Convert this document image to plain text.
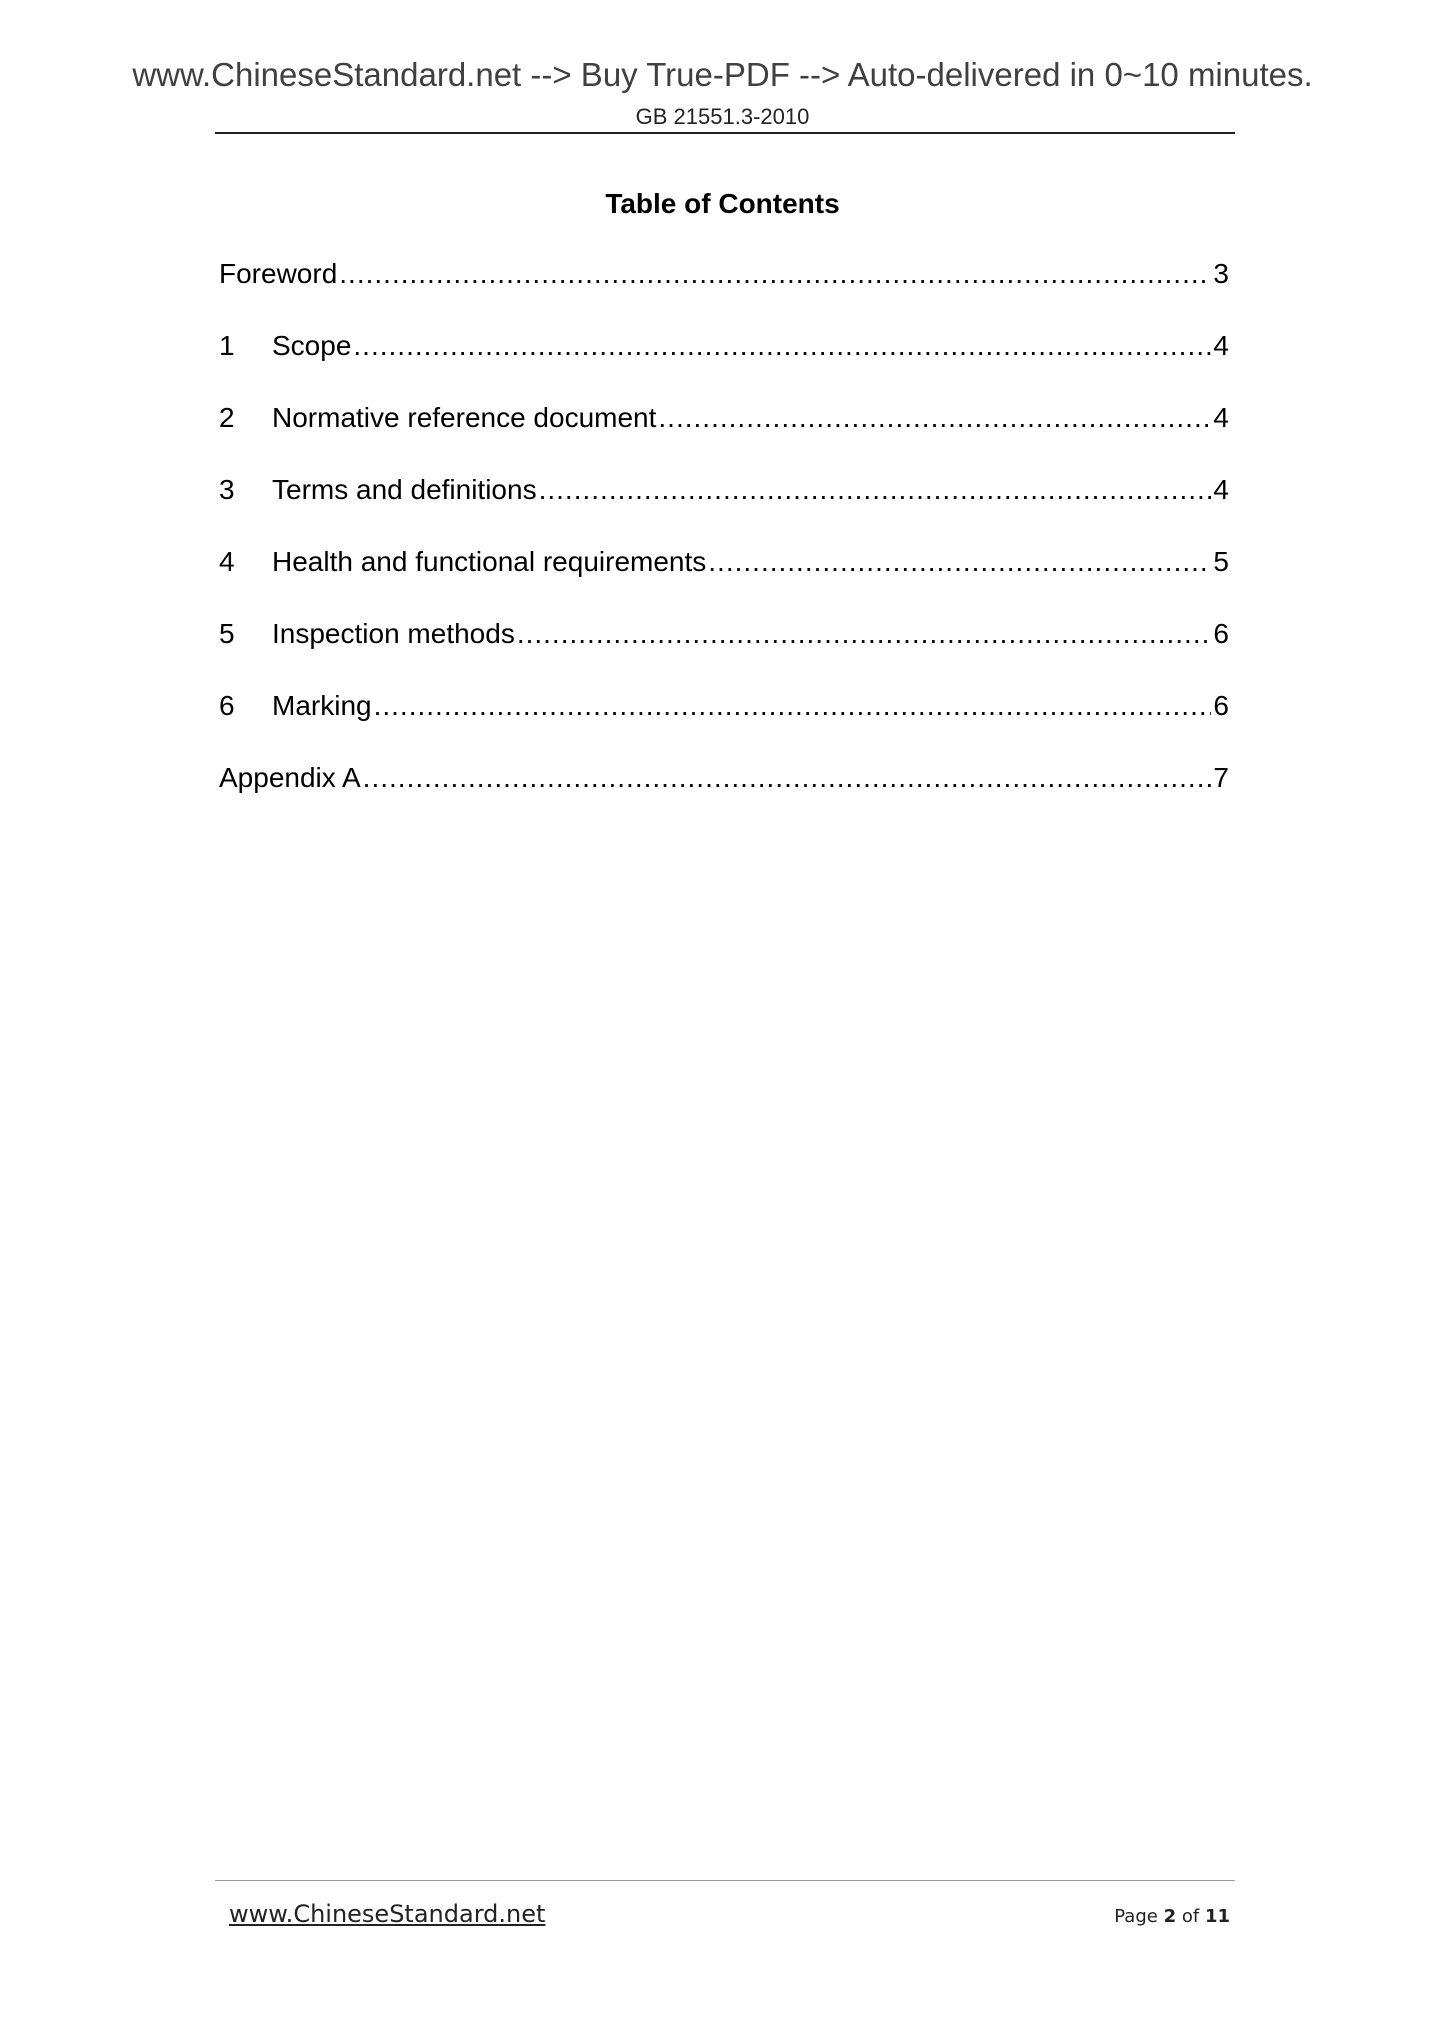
www.ChineseStandard.net --> Buy True-PDF --> Auto-delivered in 0~10 minutes.
GB 21551.3-2010
Table of Contents
Foreword .....	3
1	Scope .....	4
2	Normative reference document .....	4
3	Terms and definitions .....	4
4	Health and functional requirements .....	5
5	Inspection methods .....	6
6	Marking .....	6
Appendix A .....	7
www.ChineseStandard.net	Page 2 of 11
